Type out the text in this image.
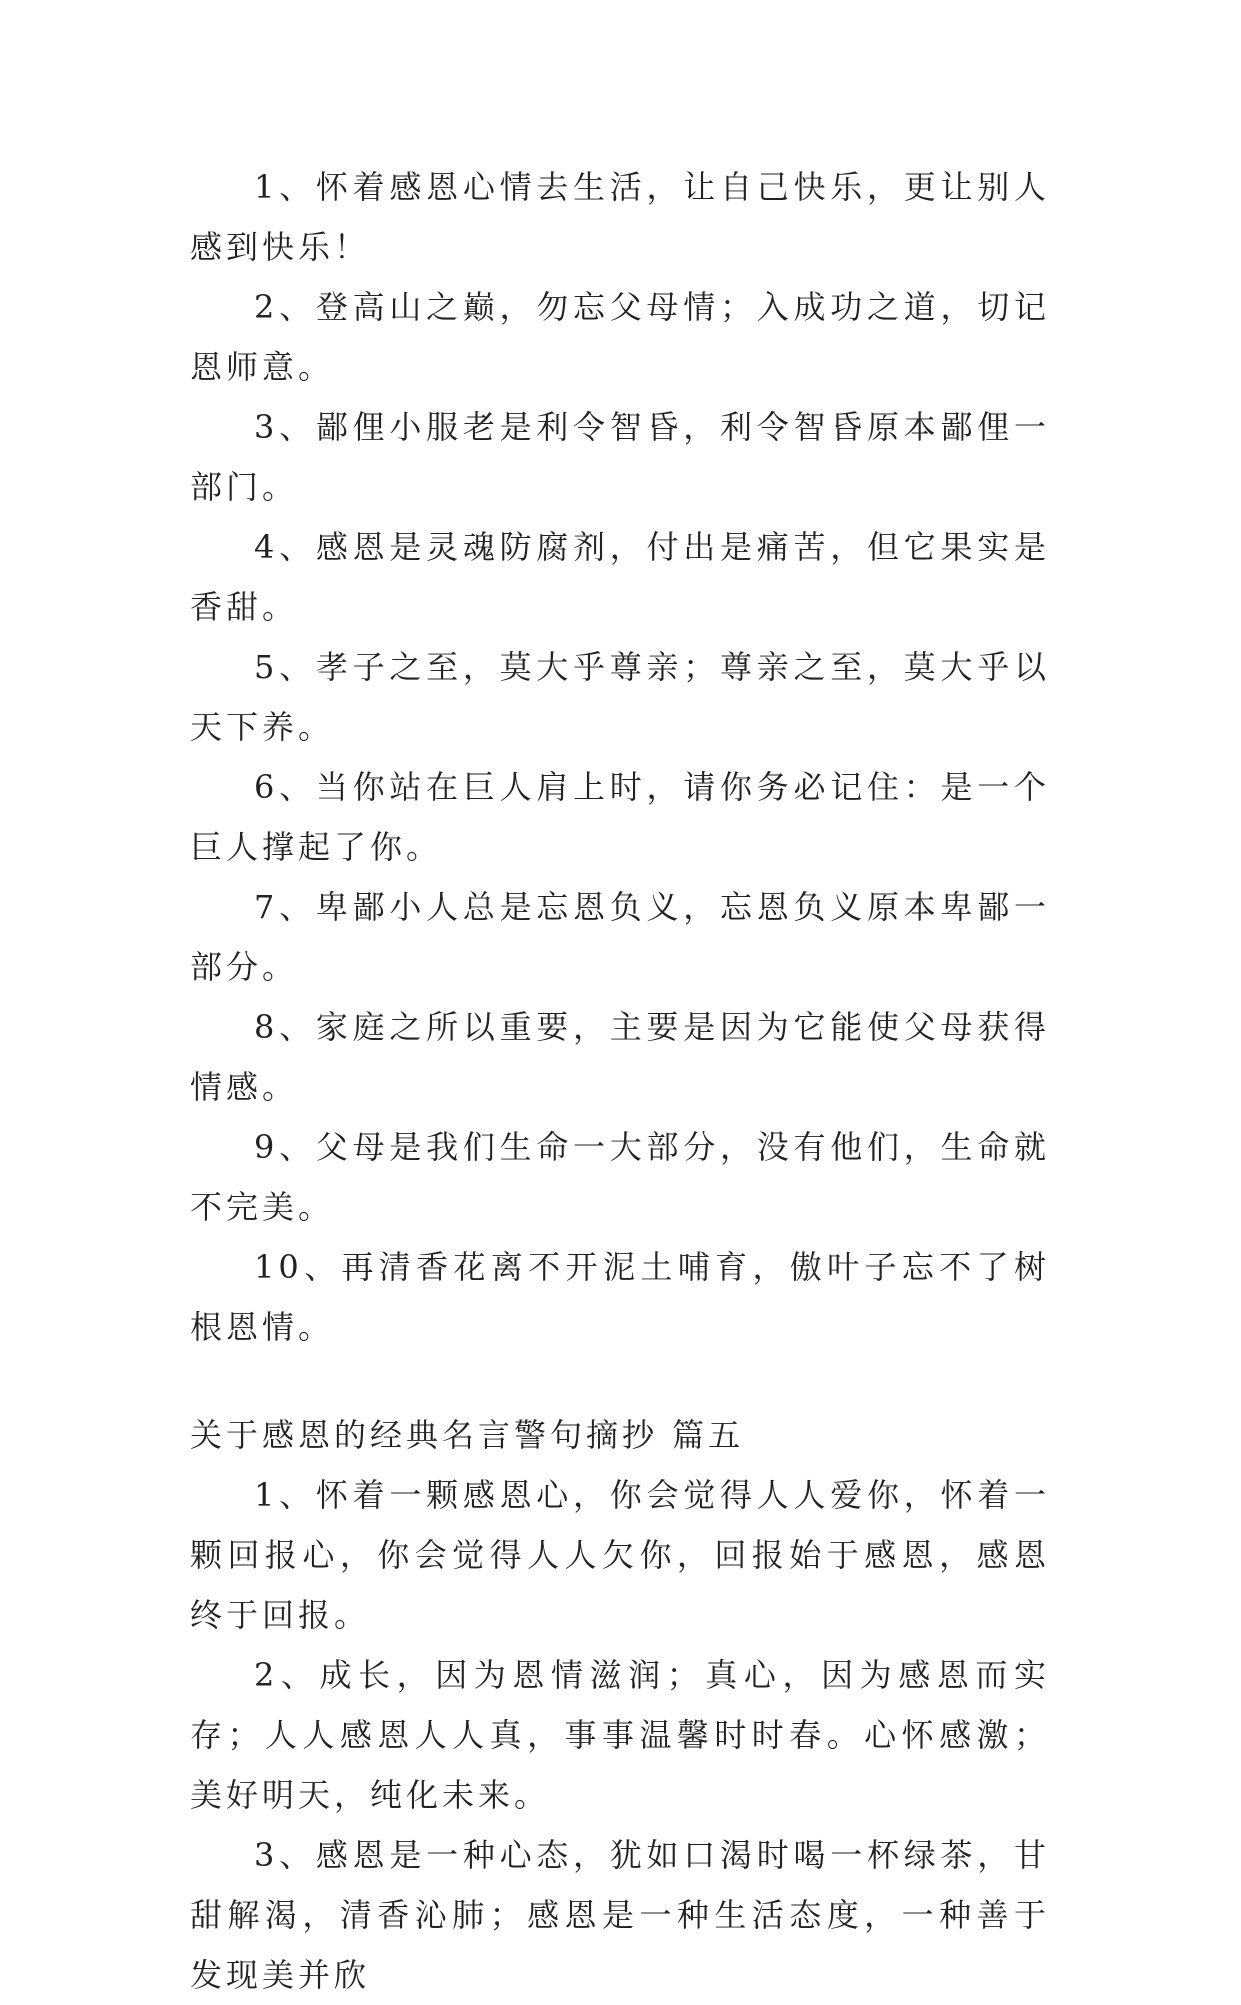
1、怀着感恩心情去生活，让自己快乐，更让别人感到快乐！

2、登高山之巅，勿忘父母情；入成功之道，切记恩师意。

3、鄙俚小服老是利令智昏，利令智昏原本鄙俚一部门。

4、感恩是灵魂防腐剂，付出是痛苦，但它果实是香甜。

5、孝子之至，莫大乎尊亲；尊亲之至，莫大乎以天下养。

6、当你站在巨人肩上时，请你务必记住：是一个巨人撑起了你。

7、卑鄙小人总是忘恩负义，忘恩负义原本卑鄙一部分。

8、家庭之所以重要，主要是因为它能使父母获得情感。

9、父母是我们生命一大部分，没有他们，生命就不完美。

10、再清香花离不开泥土哺育，傲叶子忘不了树根恩情。

关于感恩的经典名言警句摘抄 篇五

1、怀着一颗感恩心，你会觉得人人爱你，怀着一颗回报心，你会觉得人人欠你，回报始于感恩，感恩终于回报。

2、成长，因为恩情滋润；真心，因为感恩而实存；人人感恩人人真，事事温馨时时春。心怀感激；美好明天，纯化未来。

3、感恩是一种心态，犹如口渴时喝一杯绿茶，甘甜解渴，清香沁肺；感恩是一种生活态度，一种善于发现美并欣
